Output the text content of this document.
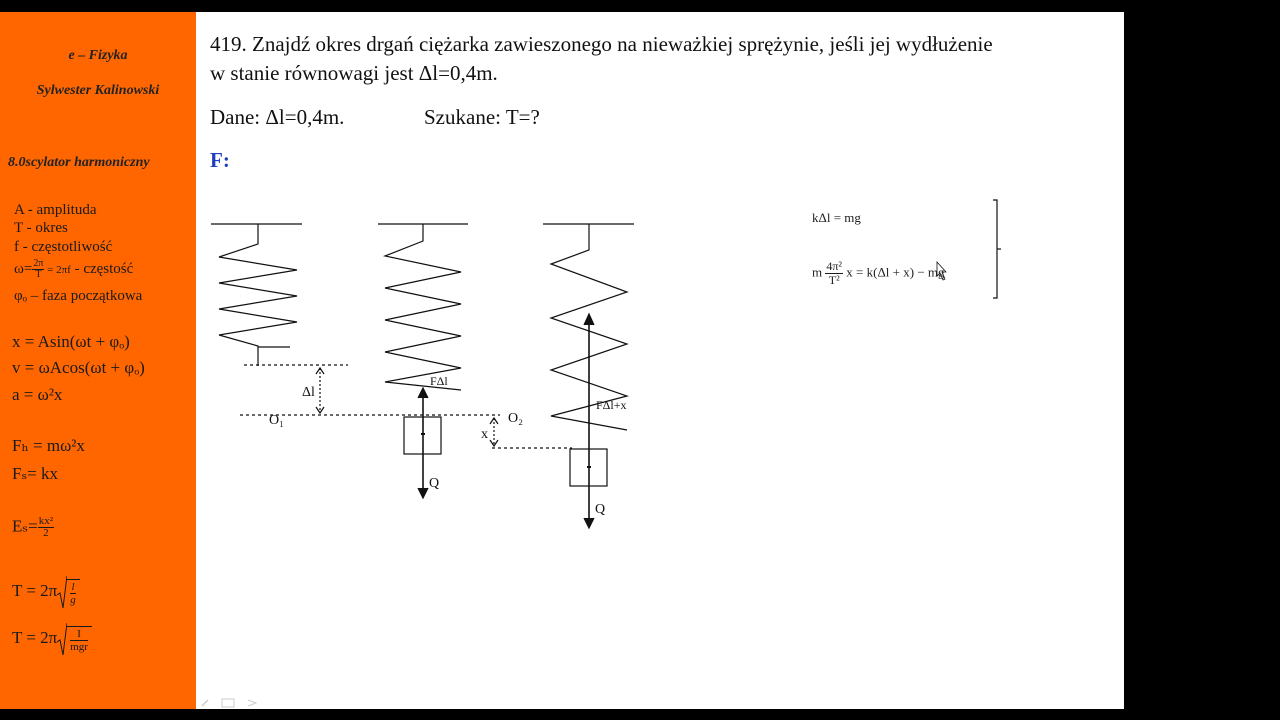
e – Fizyka
Sylwester Kalinowski
8.0scylator harmoniczny
A - amplituda
T - okres
f - częstotliwość
$\omega= \frac{2\pi}{T} = 2\pi f$ - częstość
φₒ – faza początkowa
x = Asin(ωt + φₒ)
v = ωAcos(ωt + φₒ)
a = ω²x
Fₕ = mω²x
Fₛ= kx
$E_s= \frac{\text{kx²}}{2}$
$T = 2\pi \frac{l}{g}$
$T = 2\pi \frac{I}{\text{mgr}}$
419. Znajdź okres drgań ciężarka zawieszonego na nieważkiej sprężynie, jeśli jej wydłużenie
w stanie równowagi jest Δl=0,4m.
Dane: Δl=0,4m.	Szukane: T=?
F:
Δl
O₁	O₂
x
FΔl
FΔl+x
Q
Q
kΔl = mg
m $\frac{\text{4π²}}{\text{T²}}$ x = k(Δl + x) − mg
